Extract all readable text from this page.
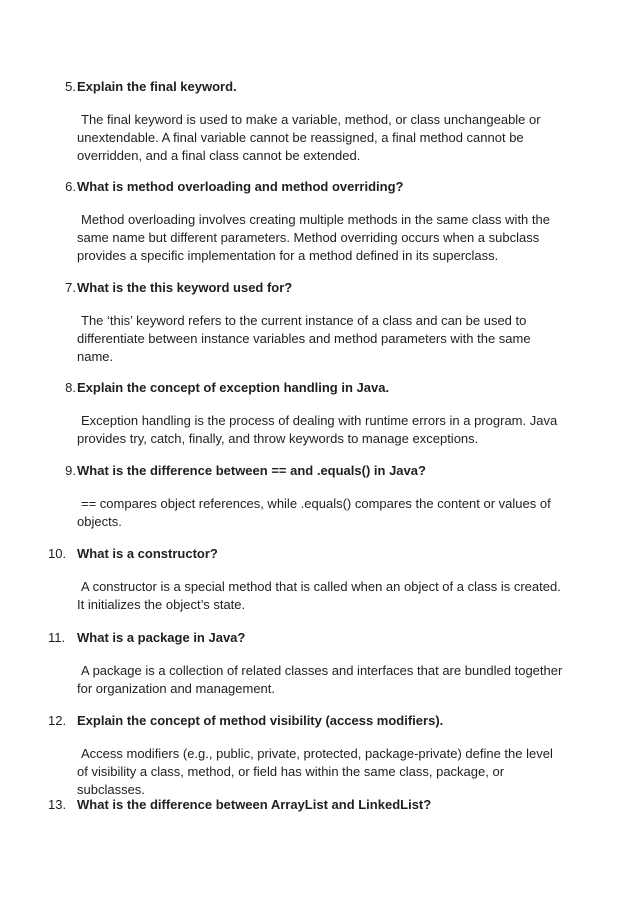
5. Explain the final keyword.
The final keyword is used to make a variable, method, or class unchangeable or unextendable. A final variable cannot be reassigned, a final method cannot be overridden, and a final class cannot be extended.
6. What is method overloading and method overriding?
Method overloading involves creating multiple methods in the same class with the same name but different parameters. Method overriding occurs when a subclass provides a specific implementation for a method defined in its superclass.
7. What is the this keyword used for?
The ‘this’ keyword refers to the current instance of a class and can be used to differentiate between instance variables and method parameters with the same name.
8. Explain the concept of exception handling in Java.
Exception handling is the process of dealing with runtime errors in a program. Java provides try, catch, finally, and throw keywords to manage exceptions.
9. What is the difference between == and .equals() in Java?
== compares object references, while .equals() compares the content or values of objects.
10. What is a constructor?
A constructor is a special method that is called when an object of a class is created. It initializes the object’s state.
11. What is a package in Java?
A package is a collection of related classes and interfaces that are bundled together for organization and management.
12. Explain the concept of method visibility (access modifiers).
Access modifiers (e.g., public, private, protected, package-private) define the level of visibility a class, method, or field has within the same class, package, or subclasses.
13. What is the difference between ArrayList and LinkedList?
